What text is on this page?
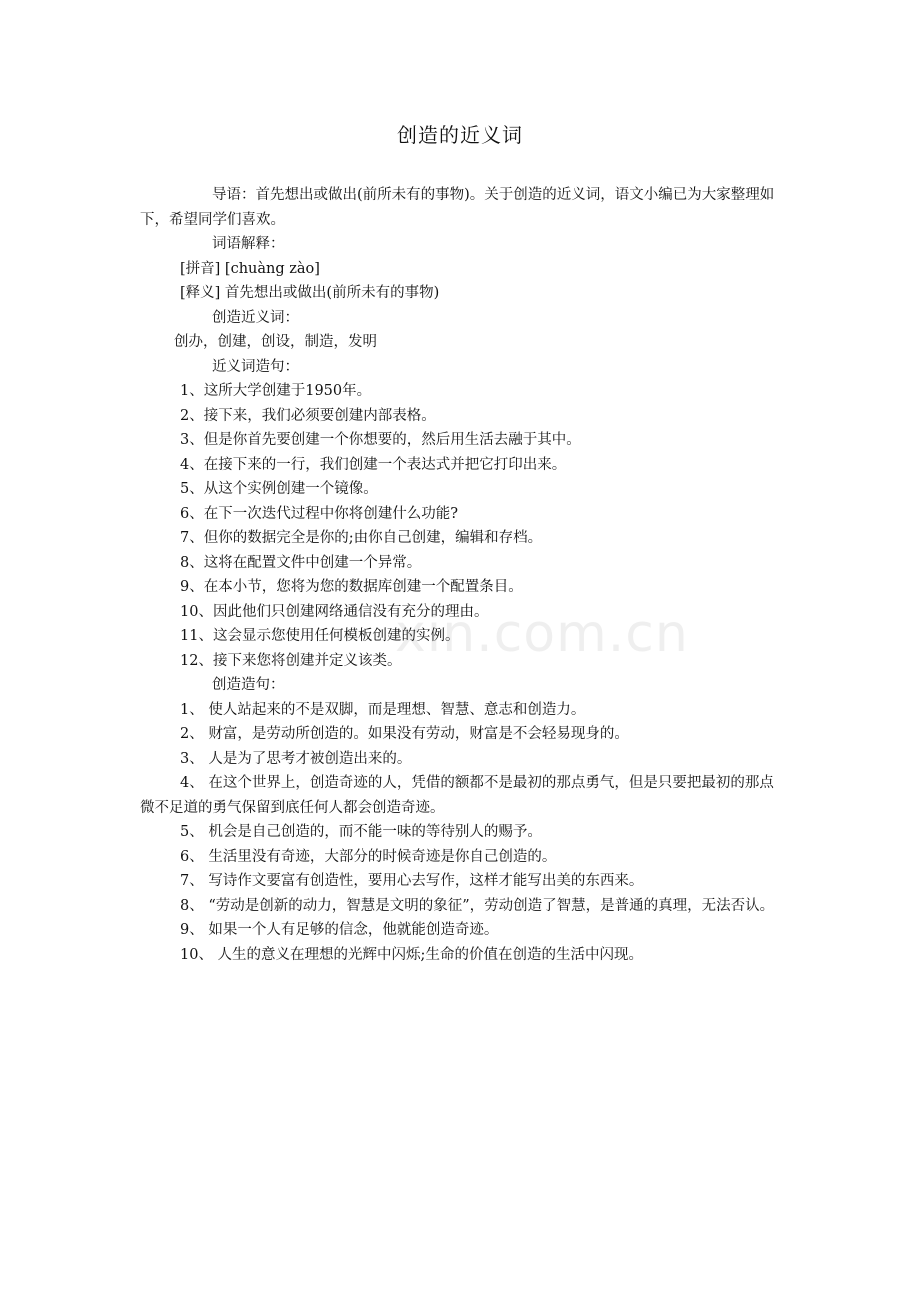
创造的近义词

导语：首先想出或做出(前所未有的事物)。关于创造的近义词，语文小编已为大家整理如下，希望同学们喜欢。

词语解释：

[拼音] [chuàng zào]

[释义] 首先想出或做出(前所未有的事物)

创造近义词：

创办，创建，创设，制造，发明

近义词造句：

1、这所大学创建于1950年。

2、接下来，我们必须要创建内部表格。

3、但是你首先要创建一个你想要的，然后用生活去融于其中。

4、在接下来的一行，我们创建一个表达式并把它打印出来。

5、从这个实例创建一个镜像。

6、在下一次迭代过程中你将创建什么功能?

7、但你的数据完全是你的;由你自己创建，编辑和存档。

8、这将在配置文件中创建一个异常。

9、在本小节，您将为您的数据库创建一个配置条目。

10、因此他们只创建网络通信没有充分的理由。

11、这会显示您使用任何模板创建的实例。

12、接下来您将创建并定义该类。

创造造句：

1、 使人站起来的不是双脚，而是理想、智慧、意志和创造力。

2、 财富，是劳动所创造的。如果没有劳动，财富是不会轻易现身的。

3、 人是为了思考才被创造出来的。

4、 在这个世界上，创造奇迹的人，凭借的额都不是最初的那点勇气，但是只要把最初的那点微不足道的勇气保留到底任何人都会创造奇迹。

5、 机会是自己创造的，而不能一味的等待别人的赐予。

6、 生活里没有奇迹，大部分的时候奇迹是你自己创造的。

7、 写诗作文要富有创造性，要用心去写作，这样才能写出美的东西来。

8、 “劳动是创新的动力，智慧是文明的象征”，劳动创造了智慧，是普通的真理，无法否认。

9、 如果一个人有足够的信念，他就能创造奇迹。

10、 人生的意义在理想的光辉中闪烁;生命的价值在创造的生活中闪现。

xin.com.cn
